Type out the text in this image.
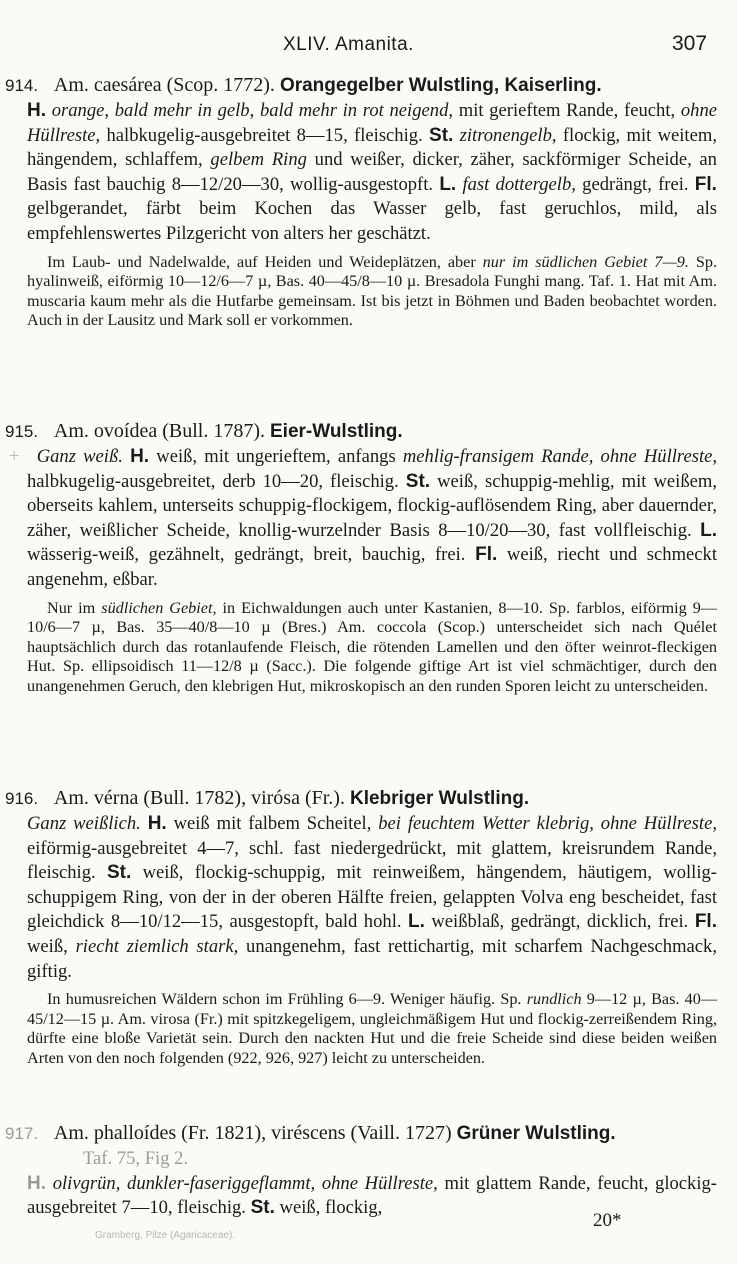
XLIV. Amanita.	307
914. Am. caesárea (Scop. 1772). Orangegelber Wulstling, Kaiserling.
H. orange, bald mehr in gelb, bald mehr in rot neigend, mit gerieftem Rande, feucht, ohne Hüllreste, halbkugelig-ausgebreitet 8—15, fleischig. St. zitronengelb, flockig, mit weitem, hängendem, schlaffem, gelbem Ring und weißer, dicker, zäher, sackförmiger Scheide, an Basis fast bauchig 8—12/20—30, wollig-ausgestopft. L. fast dottergelb, gedrängt, frei. Fl. gelbgerandet, färbt beim Kochen das Wasser gelb, fast geruchlos, mild, als empfehlenswertes Pilzgericht von alters her geschätzt.
Im Laub- und Nadelwalde, auf Heiden und Weideplätzen, aber nur im südlichen Gebiet 7—9. Sp. hyalinweiß, eiförmig 10—12/6—7 µ, Bas. 40—45/8—10 µ. Bresadola Funghi mang. Taf. 1. Hat mit Am. muscaria kaum mehr als die Hutfarbe gemeinsam. Ist bis jetzt in Böhmen und Baden beobachtet worden. Auch in der Lausitz und Mark soll er vorkommen.
915. Am. ovoídea (Bull. 1787). Eier-Wulstling.
+ Ganz weiß. H. weiß, mit ungerieftem, anfangs mehlig-fransigem Rande, ohne Hüllreste, halbkugelig-ausgebreitet, derb 10—20, fleischig. St. weiß, schuppig-mehlig, mit weißem, oberseits kahlem, unterseits schuppig-flockigem, flockig-auflösendem Ring, aber dauernder, zäher, weißlicher Scheide, knollig-wurzelnder Basis 8—10/20—30, fast vollfleischig. L. wässerig-weiß, gezähnelt, gedrängt, breit, bauchig, frei. Fl. weiß, riecht und schmeckt angenehm, eßbar.
Nur im südlichen Gebiet, in Eichwaldungen auch unter Kastanien, 8—10. Sp. farblos, eiförmig 9—10/6—7 µ, Bas. 35—40/8—10 µ (Bres.) Am. coccola (Scop.) unterscheidet sich nach Quélet hauptsächlich durch das rotanlaufende Fleisch, die rötenden Lamellen und den öfter weinrot-fleckigen Hut. Sp. ellipsoidisch 11—12/8 µ (Sacc.). Die folgende giftige Art ist viel schmächtiger, durch den unangenehmen Geruch, den klebrigen Hut, mikroskopisch an den runden Sporen leicht zu unterscheiden.
916. Am. vérna (Bull. 1782), virósa (Fr.). Klebriger Wulstling.
Ganz weißlich. H. weiß mit falbem Scheitel, bei feuchtem Wetter klebrig, ohne Hüllreste, eiförmig-ausgebreitet 4—7, schl. fast niedergedrückt, mit glattem, kreisrundem Rande, fleischig. St. weiß, flockig-schuppig, mit reinweißem, hängendem, häutigem, wollig-schuppigem Ring, von der in der oberen Hälfte freien, gelappten Volva eng bescheidet, fast gleichdick 8—10/12—15, ausgestopft, bald hohl. L. weißblaß, gedrängt, dicklich, frei. Fl. weiß, riecht ziemlich stark, unangenehm, fast rettichartig, mit scharfem Nachgeschmack, giftig.
In humusreichen Wäldern schon im Frühling 6—9. Weniger häufig. Sp. rundlich 9—12 µ, Bas. 40—45/12—15 µ. Am. virosa (Fr.) mit spitzkegeligem, ungleichmäßigem Hut und flockig-zerreißendem Ring, dürfte eine bloße Varietät sein. Durch den nackten Hut und die freie Scheide sind diese beiden weißen Arten von den noch folgenden (922, 926, 927) leicht zu unterscheiden.
917. Am. phalloídes (Fr. 1821), viréscens (Vaill. 1727) Grüner Wulstling.

Taf. 75, Fig 2.

H. olivgrün, dunkler-faseriggeflammt, ohne Hüllreste, mit glattem Rande, feucht, glockig-ausgebreitet 7—10, fleischig. St. weiß, flockig,

20*
Gramberg, Pilze (Agaricaceae).
